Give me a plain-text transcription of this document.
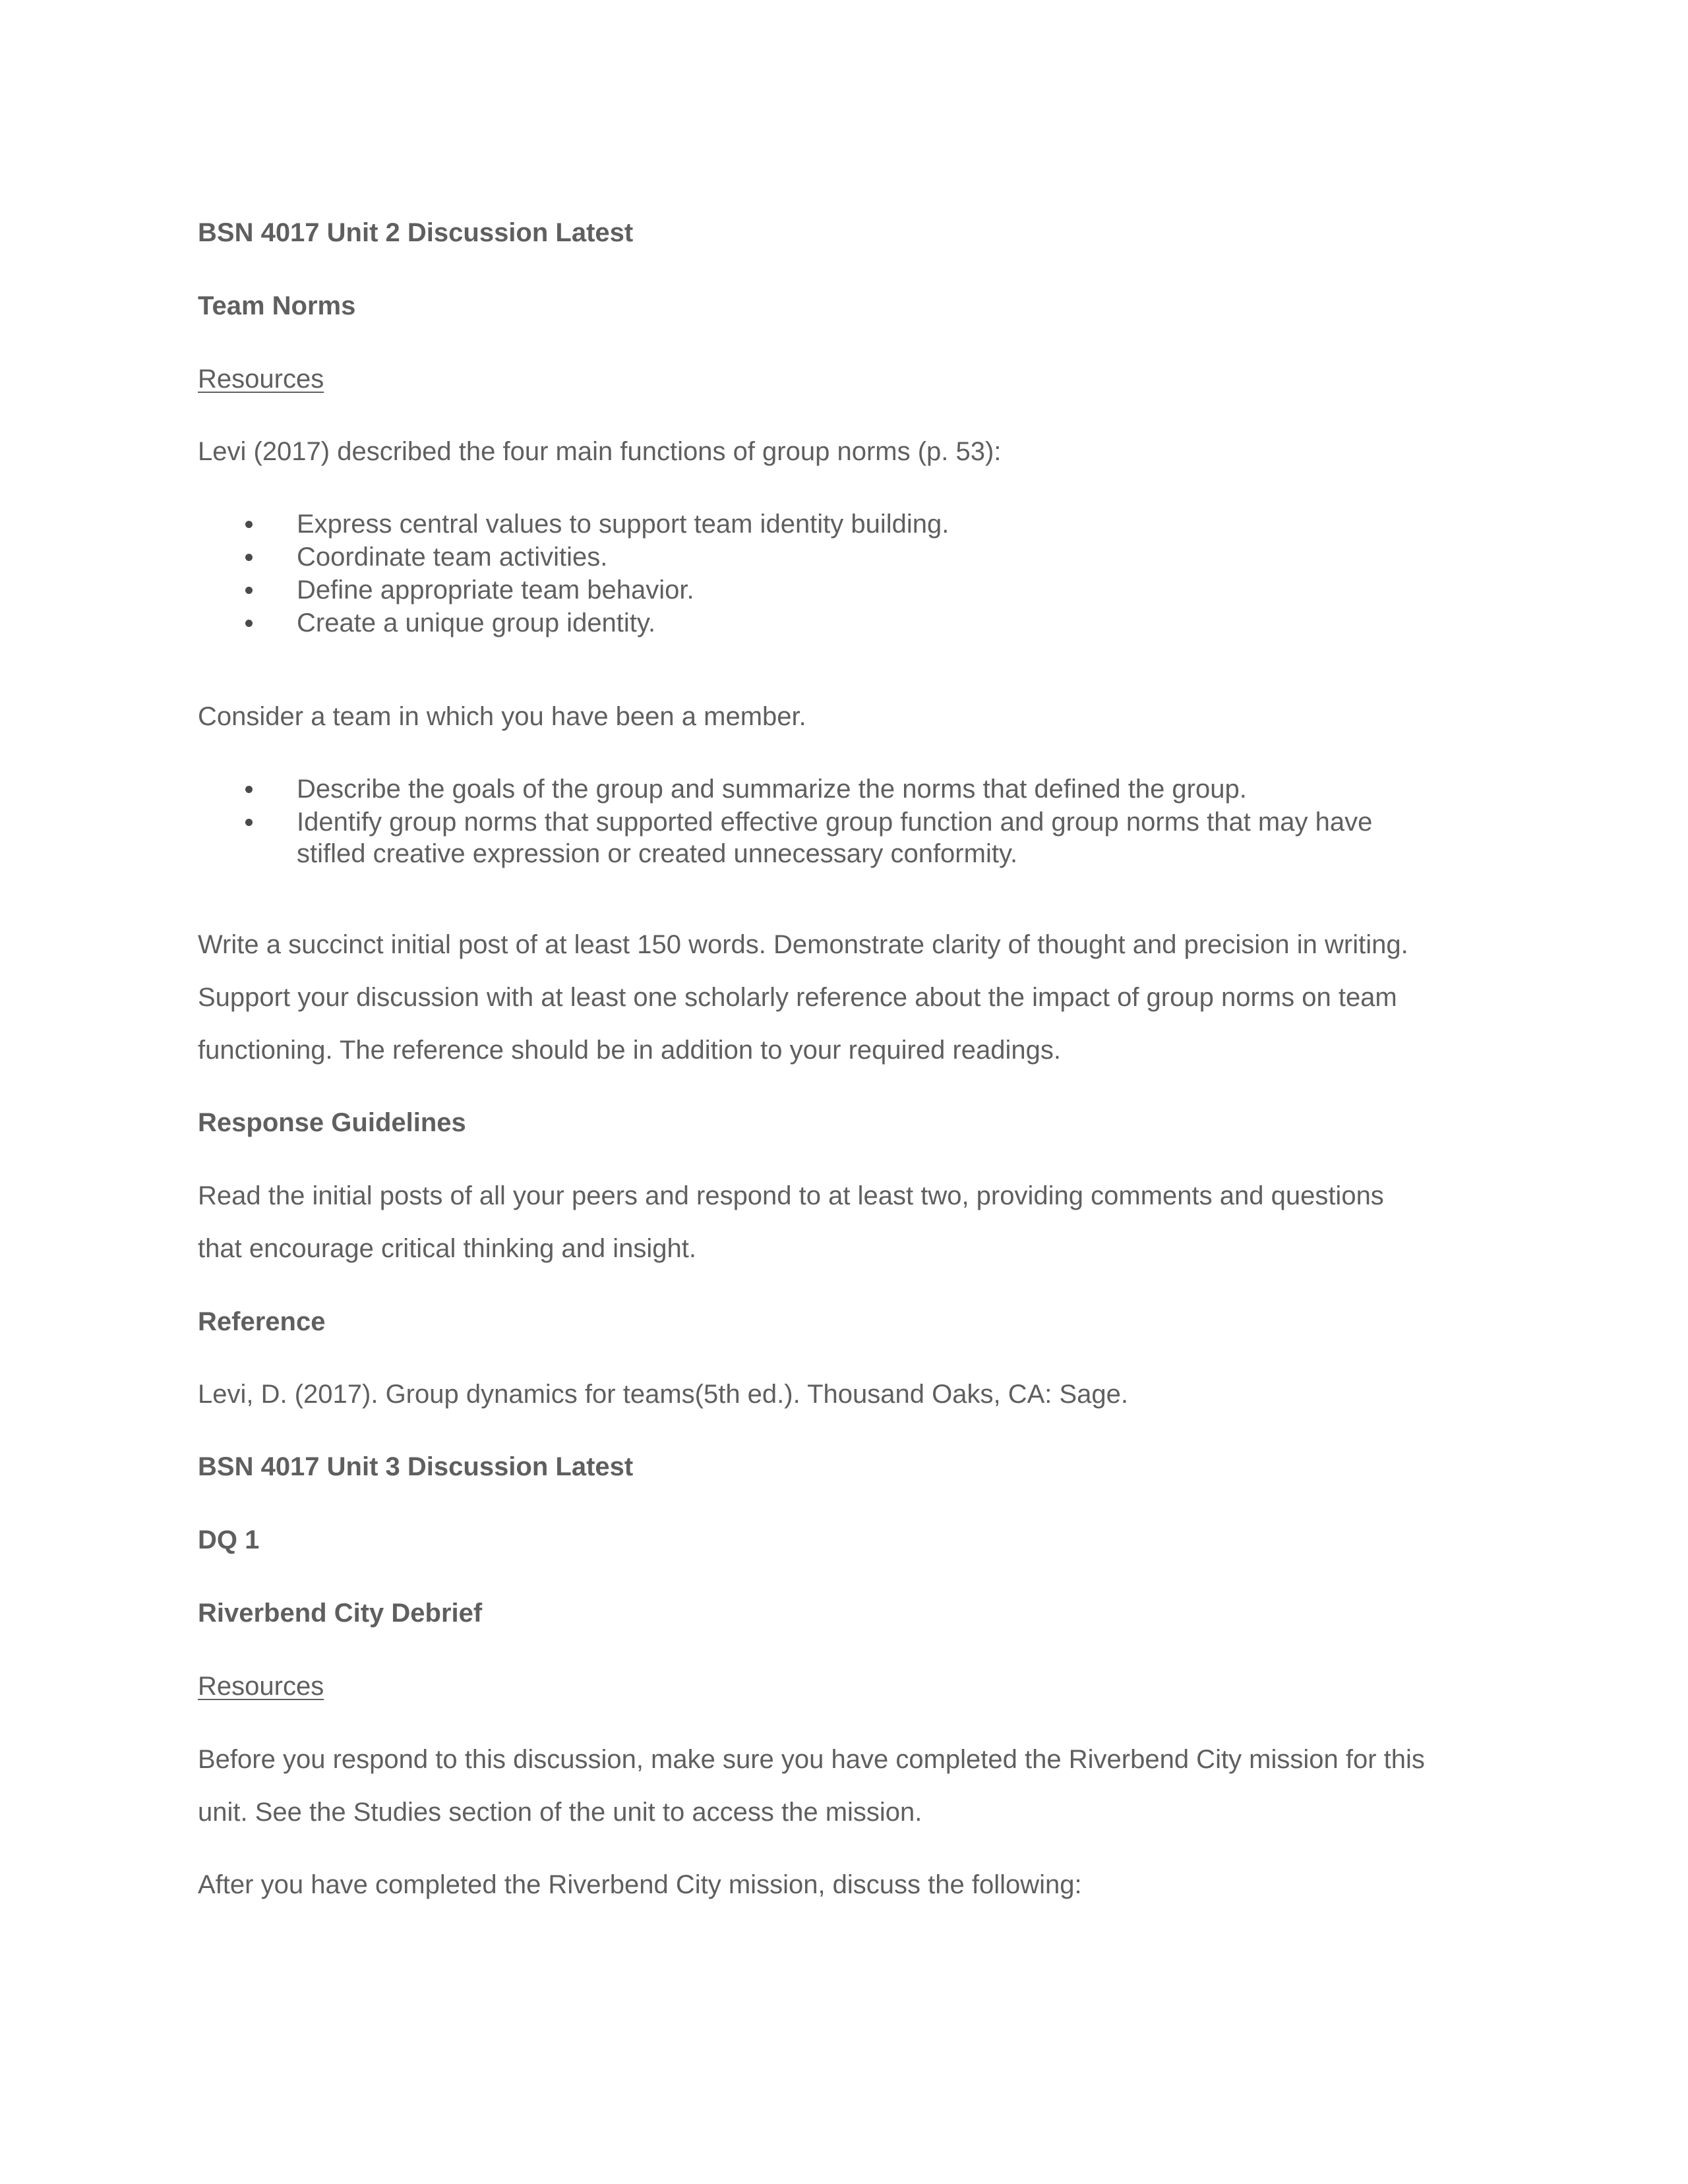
BSN 4017 Unit 2 Discussion Latest

Team Norms

Resources

Levi (2017) described the four main functions of group norms (p. 53):

Express central values to support team identity building.
Coordinate team activities.
Define appropriate team behavior.
Create a unique group identity.

Consider a team in which you have been a member.

Describe the goals of the group and summarize the norms that defined the group.
Identify group norms that supported effective group function and group norms that may have
stifled creative expression or created unnecessary conformity.

Write a succinct initial post of at least 150 words. Demonstrate clarity of thought and precision in writing.

Support your discussion with at least one scholarly reference about the impact of group norms on team

functioning. The reference should be in addition to your required readings.

Response Guidelines

Read the initial posts of all your peers and respond to at least two, providing comments and questions

that encourage critical thinking and insight.

Reference

Levi, D. (2017). Group dynamics for teams(5th ed.). Thousand Oaks, CA: Sage.

BSN 4017 Unit 3 Discussion Latest

DQ 1

Riverbend City Debrief

Resources

Before you respond to this discussion, make sure you have completed the Riverbend City mission for this

unit. See the Studies section of the unit to access the mission.

After you have completed the Riverbend City mission, discuss the following:
